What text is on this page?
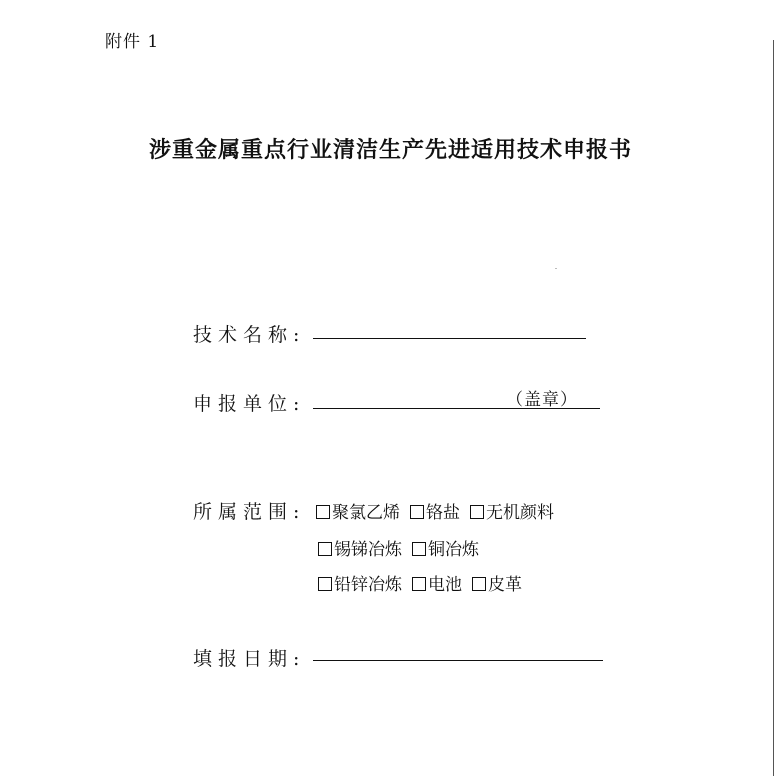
附件 1
涉重金属重点行业清洁生产先进适用技术申报书
技术名称:
申报单位:	（盖章）
所属范围:	聚氯乙烯 铬盐 无机颜料
锡锑冶炼 铜冶炼
铅锌冶炼 电池 皮革
填报日期:
